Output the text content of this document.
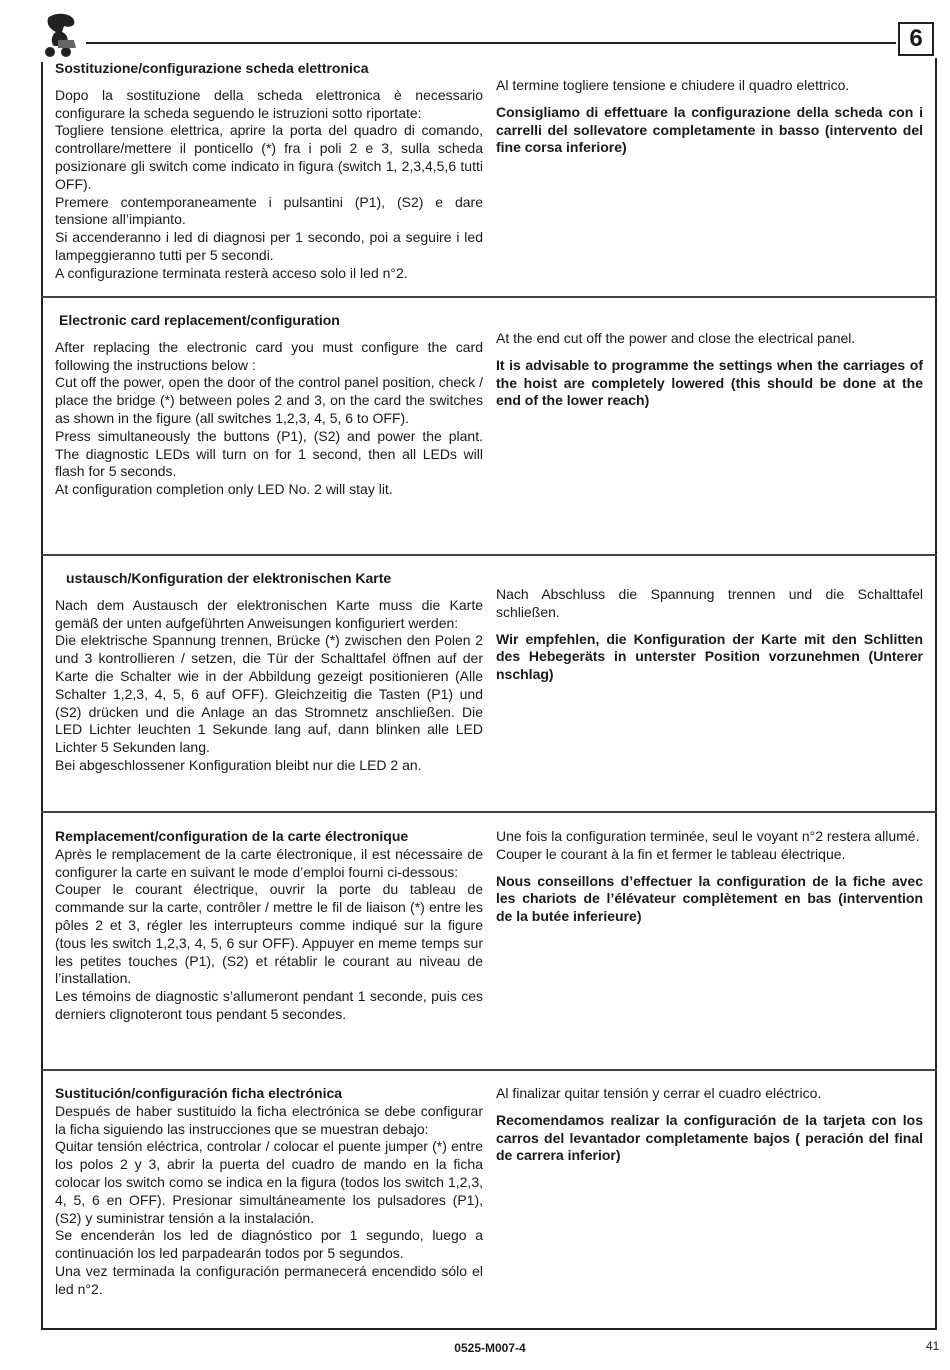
6

Sostituzione/configurazione scheda elettronica

Dopo la sostituzione della scheda elettronica è necessario configurare la scheda seguendo le istruzioni sotto riportate:

Togliere tensione elettrica, aprire la porta del quadro di comando, controllare/mettere il ponticello (*) fra i poli 2 e 3, sulla scheda posizionare gli switch come indicato in figura (switch 1, 2,3,4,5,6 tutti OFF).

Premere contemporaneamente i pulsantini (P1), (S2) e dare tensione all’impianto.

Si accenderanno i led di diagnosi per 1 secondo, poi a seguire i led lampeggieranno tutti per 5 secondi.

A configurazione terminata resterà acceso solo il led n°2.

Al termine togliere tensione e chiudere il quadro elettrico.

Consigliamo di effettuare la configurazione della scheda con i carrelli del sollevatore completamente in basso (intervento del fine corsa inferiore)

Electronic card replacement/configuration

After replacing the electronic card you must configure the card following the instructions below :

Cut off the power, open the door of the control panel position, check / place the bridge (*) between poles 2 and 3, on the card the switches as shown in the figure (all switches 1,2,3, 4, 5, 6 to OFF).

Press simultaneously the buttons (P1), (S2) and power the plant. The diagnostic LEDs will turn on for 1 second, then all LEDs will flash for 5 seconds.

At configuration completion only LED No. 2 will stay lit.

At the end cut off the power and close the electrical panel.

It is advisable to programme the settings when the carriages of the hoist are completely lowered (this should be done at the end of the lower reach)

ustausch/Konfiguration der elektronischen Karte

Nach dem Austausch der elektronischen Karte muss die Karte gemäß der unten aufgeführten Anweisungen konfiguriert werden:

Die elektrische Spannung trennen, Brücke (*) zwischen den Polen 2 und 3 kontrollieren / setzen, die Tür der Schalttafel öffnen auf der Karte die Schalter wie in der Abbildung gezeigt positionieren (Alle Schalter 1,2,3, 4, 5, 6 auf OFF). Gleichzeitig die Tasten (P1) und (S2) drücken und die Anlage an das Stromnetz anschließen. Die LED Lichter leuchten 1 Sekunde lang auf, dann blinken alle LED Lichter 5 Sekunden lang.

Bei abgeschlossener Konfiguration bleibt nur die LED 2 an.

Nach Abschluss die Spannung trennen und die Schalttafel schließen.

Wir empfehlen, die Konfiguration der Karte mit den Schlitten des Hebegeräts in unterster Position vorzunehmen (Unterer nschlag)

Remplacement/configuration de la carte électronique

Après le remplacement de la carte électronique, il est nécessaire de configurer la carte en suivant le mode d’emploi fourni ci-dessous:

Couper le courant électrique, ouvrir la porte du tableau de commande sur la carte, contrôler / mettre le fil de liaison (*) entre les pôles 2 et 3, régler les interrupteurs comme indiqué sur la figure (tous les switch 1,2,3, 4, 5, 6 sur OFF). Appuyer en meme temps sur les petites touches (P1), (S2) et rétablir le courant au niveau de l’installation.

Les témoins de diagnostic s’allumeront pendant 1 seconde, puis ces derniers clignoteront tous pendant 5 secondes.

Une fois la configuration terminée, seul le voyant n°2 restera allumé.

Couper le courant à la fin et fermer le tableau électrique.

Nous conseillons d’effectuer la configuration de la fiche avec les chariots de l’élévateur complètement en bas (intervention de la butée inferieure)

Sustitución/configuración ficha electrónica

Después de haber sustituido la ficha electrónica se debe configurar la ficha siguiendo las instrucciones que se muestran debajo:

Quitar tensión eléctrica, controlar / colocar el puente jumper (*) entre los polos 2 y 3, abrir la puerta del cuadro de mando en la ficha colocar los switch como se indica en la figura (todos los switch 1,2,3, 4, 5, 6 en OFF). Presionar simultáneamente los pulsadores (P1), (S2) y suministrar tensión a la instalación.

Se encenderán los led de diagnóstico por 1 segundo, luego a continuación los led parpadearán todos por 5 segundos.

Una vez terminada la configuración permanecerá encendido sólo el led n°2.

Al finalizar quitar tensión y cerrar el cuadro eléctrico.

Recomendamos realizar la configuración de la tarjeta con los carros del levantador completamente bajos ( peración del final de carrera inferior)

0525-M007-4	41
